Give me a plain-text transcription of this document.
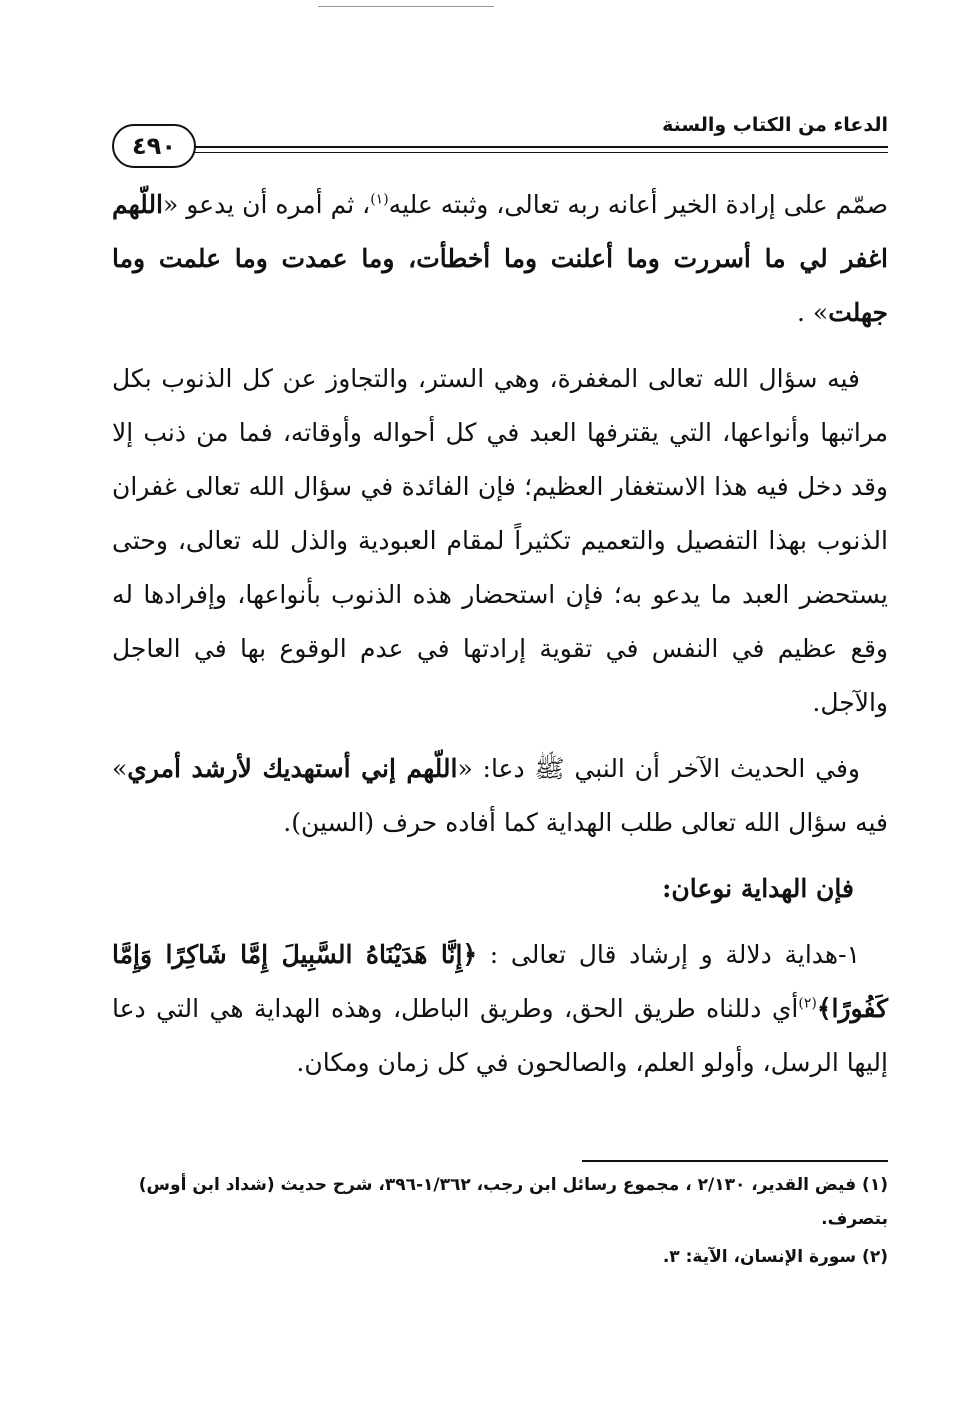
الدعاء من الكتاب والسنة
٤٩٠

صمّم على إرادة الخير أعانه ربه تعالى، وثبته عليه$^{(١)}$، ثم أمره أن يدعو «اللّهم اغفر لي ما أسررت وما أعلنت وما أخطأت، وما عمدت وما علمت وما جهلت» .

فيه سؤال الله تعالى المغفرة، وهي الستر، والتجاوز عن كل الذنوب بكل مراتبها وأنواعها، التي يقترفها العبد في كل أحواله وأوقاته، فما من ذنب إلا وقد دخل فيه هذا الاستغفار العظيم؛ فإن الفائدة في سؤال الله تعالى غفران الذنوب بهذا التفصيل والتعميم تكثيراً لمقام العبودية والذل لله تعالى، وحتى يستحضر العبد ما يدعو به؛ فإن استحضار هذه الذنوب بأنواعها، وإفرادها له وقع عظيم في النفس في تقوية إرادتها في عدم الوقوع بها في العاجل والآجل.

وفي الحديث الآخر أن النبي ﷺ دعا: «اللّهم إني أستهديك لأرشد أمري» فيه سؤال الله تعالى طلب الهداية كما أفاده حرف (السين).

فإن الهداية نوعان:

١-هداية دلالة و إرشاد قال تعالى : ﴿إِنَّا هَدَيْنَاهُ السَّبِيلَ إِمَّا شَاكِرًا وَإِمَّا كَفُورًا﴾$^{(٢)}$أي دللناه طريق الحق، وطريق الباطل، وهذه الهداية هي التي دعا إليها الرسل، وأولو العلم، والصالحون في كل زمان ومكان.

(١) فيض القدير، ٢/١٣٠ ، مجموع رسائل ابن رجب، ١/٣٦٢-٣٩٦، شرح حديث (شداد ابن أوس) بتصرف.

(٢) سورة الإنسان، الآية: ٣.
